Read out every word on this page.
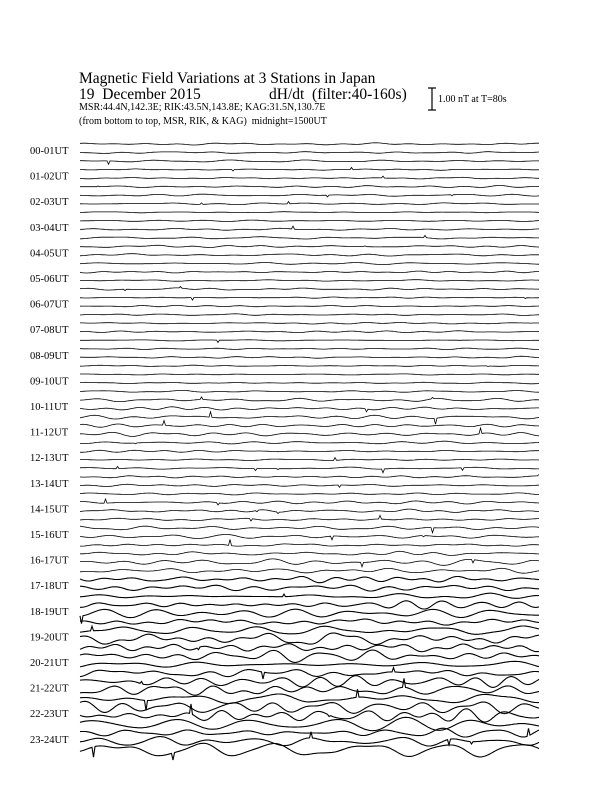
Magnetic Field Variations at 3 Stations in Japan
19  December 2015	dH/dt  (filter:40-160s)
MSR:44.4N,142.3E; RIK:43.5N,143.8E; KAG:31.5N,130.7E
(from bottom to top, MSR, RIK, & KAG)  midnight=1500UT
1.00 nT at T=80s
00-01UT
01-02UT
02-03UT
03-04UT
04-05UT
05-06UT
06-07UT
07-08UT
08-09UT
09-10UT
10-11UT
11-12UT
12-13UT
13-14UT
14-15UT
15-16UT
16-17UT
17-18UT
18-19UT
19-20UT
20-21UT
21-22UT
22-23UT
23-24UT
